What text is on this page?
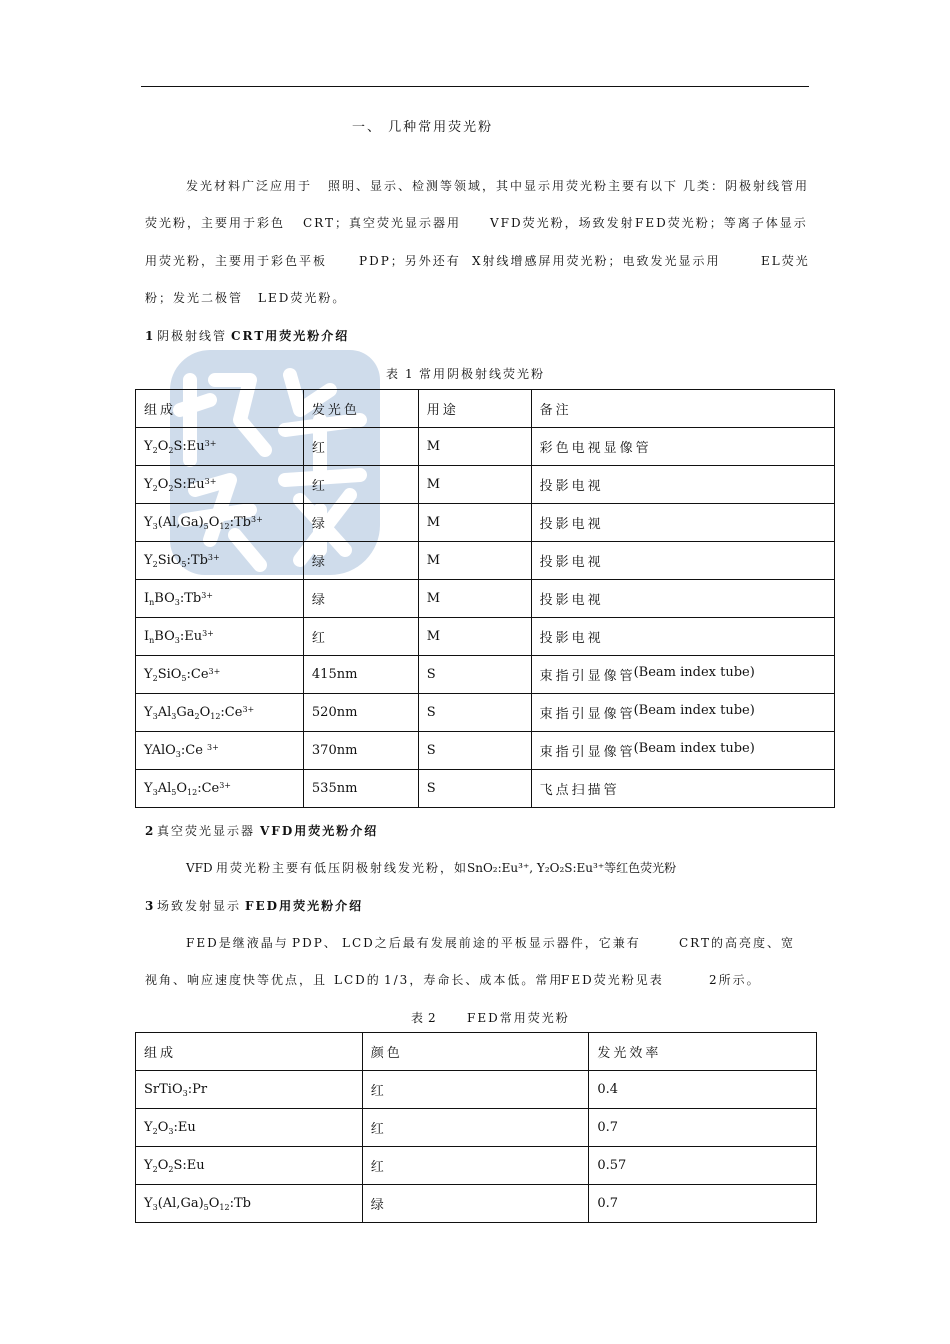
一、 几种常用荧光粉
发光材料广泛应用于 照明、显示、检测等领域，其中显示用荧光粉主要有以下 几类：阴极射线管用
荧光粉，主要用于彩色 CRT；真空荧光显示器用 VFD荧光粉，场致发射 FED荧光粉；等离子体显示
用荧光粉，主要用于彩色平板	PDP；另外还有 X射线增感屏用荧光粉；电致发光显示用	EL荧光
粉；发光二极管 LED荧光粉。
1 阴极射线管 CRT用荧光粉介绍
表 1 常用阴极射线荧光粉
组成	发光色	用途	备注
$Y_2O_2S:Eu^{3+}$	红	M	彩色电视显像管
$Y_2O_2S:Eu^{3+}$	红	M	投影电视
$Y_3(Al,Ga)_5O_{12}:Tb^{3+}$	绿	M	投影电视
$Y_2SiO_5:Tb^{3+}$	绿	M	投影电视
$I_nBO_3:Tb^{3+}$	绿	M	投影电视
$I_nBO_3:Eu^{3+}$	红	M	投影电视
$Y_2SiO_5:Ce^{3+}$	415nm	S	束指引显像管
(Beam index tube)

$Y_3Al_3Ga_2O_{12}:Ce^{3+}$	520nm	S	束指引显像管
(Beam index tube)

YAlO$_3$:Ce $^{3+}$	370nm	S	束指引显像管
(Beam index tube)

$Y_3Al_5O_{12}:Ce^{3+}$	535nm	S	飞点扫描管
2 真空荧光显示器 VFD用荧光粉介绍
VFD 用荧光粉主要有低压阴极射线发光粉，如
SnO₂:Eu³⁺, Y₂O₂S:Eu³⁺等红色荧光粉
3 场致发射显示 FED用荧光粉介绍
FED是继液晶与 PDP、 LCD之后最有发展前途的平板显示器件，它兼有	CRT的高亮度、宽
视角、响应速度快等优点，且 LCD的 1/3，寿命长、成本低。常用
FED荧光粉见表	2所示。
表 2	FED常用荧光粉
组成	颜色	发光效率
SrTiO$_3$:Pr	红	0.4
$Y_2O_3:Eu$	红	0.7
$Y_2O_2S:Eu$	红	0.57
$Y_3(Al,Ga)_5O_{12}:Tb$	绿	0.7
